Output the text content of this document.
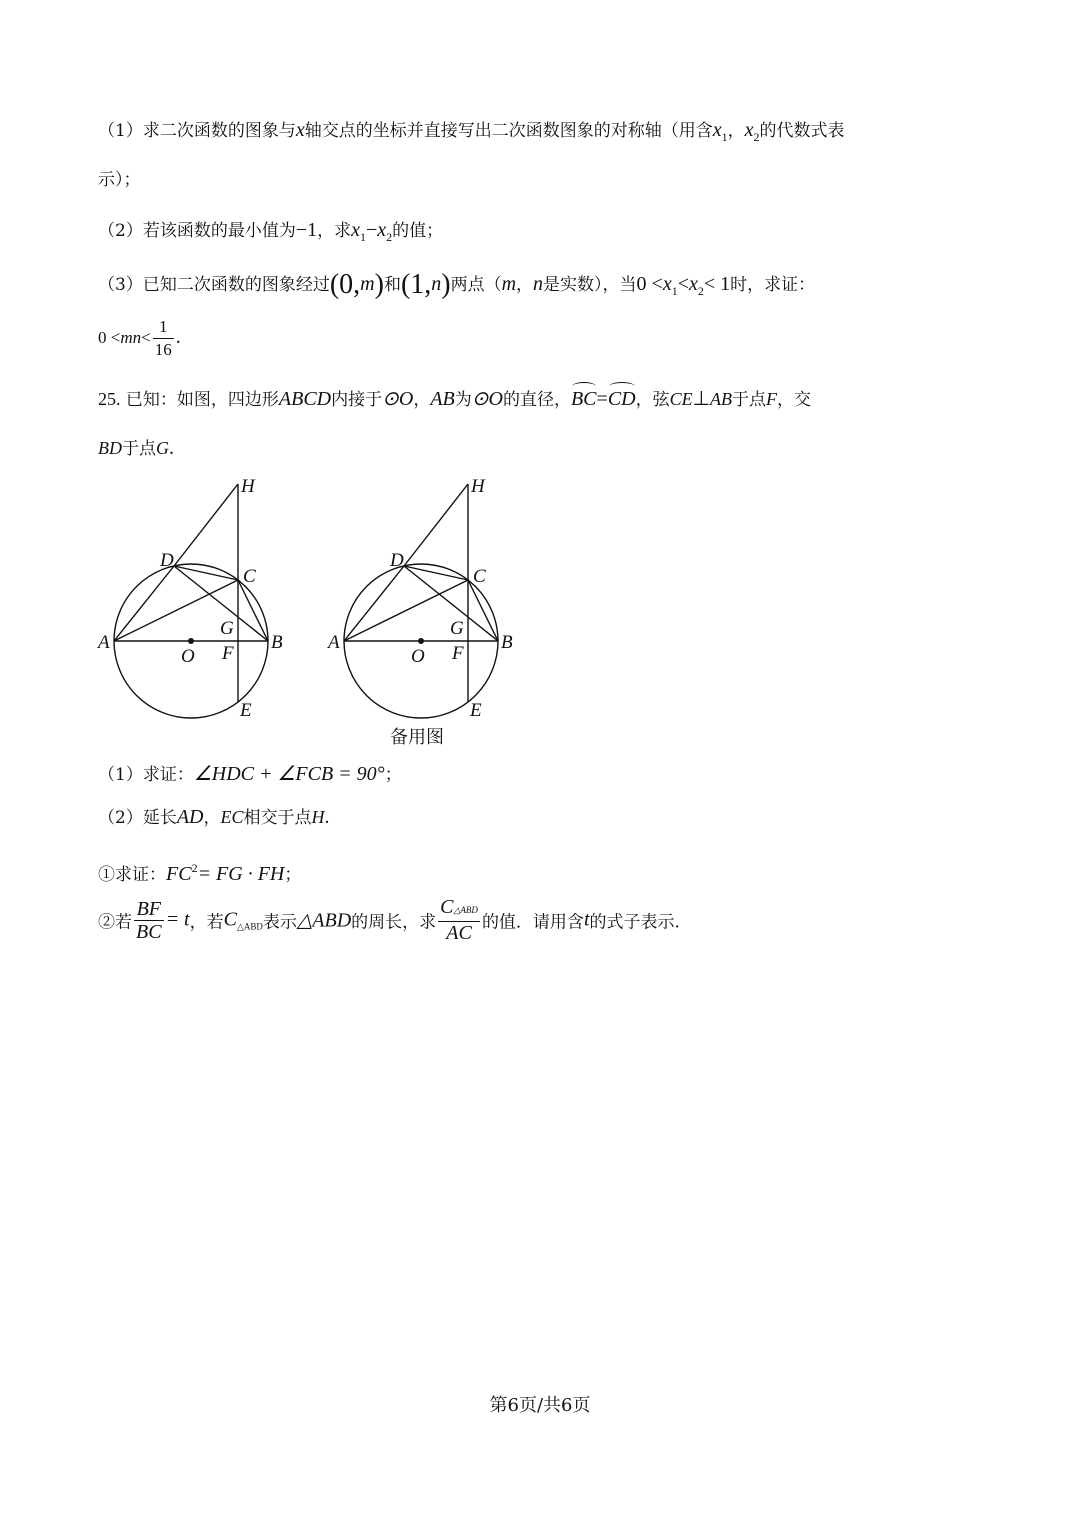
（1）求二次函数的图象与x轴交点的坐标并直接写出二次函数图象的对称轴（用含$x_1$，$x_2$的代数式表
示）；
（2）若该函数的最小值为−1，求$x_1-x_2$的值；
（3）已知二次函数的图象经过(0,m)和(1,n)两点（m，n是实数），当$0 <x_1<x_2< 1$时，求证：
$0 <mn< \frac{1}{16}$ .
25. 已知：如图，四边形ABCD内接于⊙O，AB为⊙O的直径，BC=CD，弦CE⊥AB于点F，交
BD于点G.
H
D
C
A
G
B
O F
E
H
D
C
A
G
B
O F
E
备用图
（1）求证：∠HDC + ∠FCB = 90°；
（2）延长AD，EC相交于点H.
①求证：$FC^2=$ FG · FH；
②若 $\frac{BF}{BC} = t$，若$C_{\triangle ABD}$表示△ABD的周长，求 $\frac{\text{C△ABD}}{AC}$ 的值．请用含t的式子表示.
第6页/共6页
